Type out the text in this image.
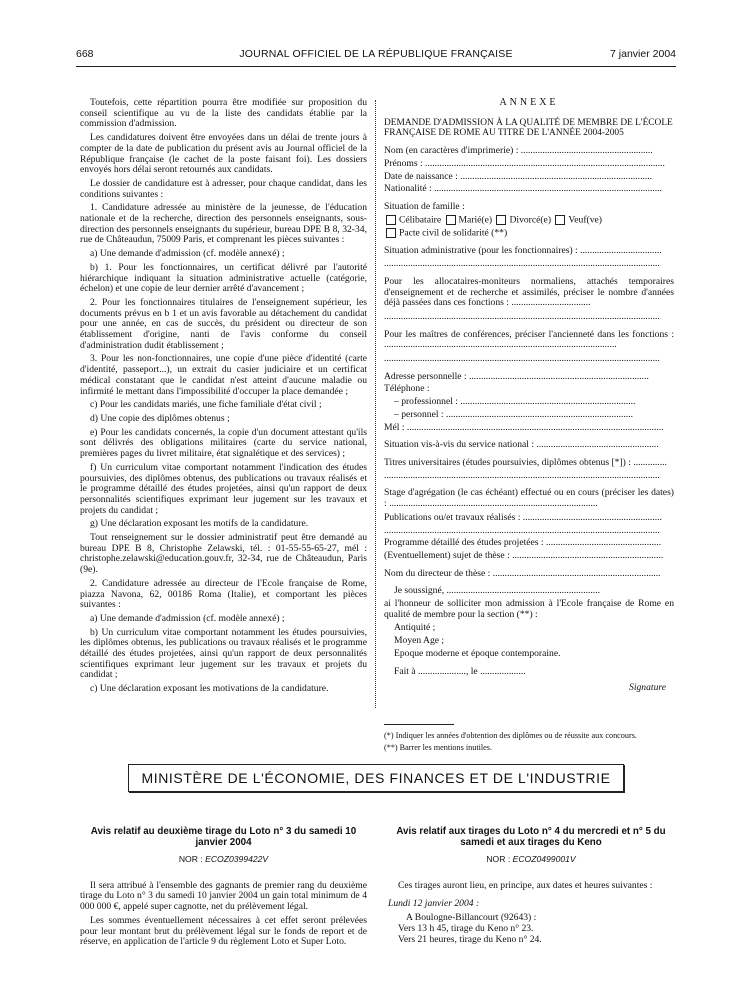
668	JOURNAL OFFICIEL DE LA RÉPUBLIQUE FRANÇAISE	7 janvier 2004

Toutefois, cette répartition pourra être modifiée sur proposition du conseil scientifique au vu de la liste des candidats établie par la commission d'admission.

Les candidatures doivent être envoyées dans un délai de trente jours à compter de la date de publication du présent avis au Journal officiel de la République française (le cachet de la poste faisant foi). Les dossiers envoyés hors délai seront retournés aux candidats.

Le dossier de candidature est à adresser, pour chaque candidat, dans les conditions suivantes :

1. Candidature adressée au ministère de la jeunesse, de l'éducation nationale et de la recherche, direction des personnels enseignants, sous-direction des personnels enseignants du supérieur, bureau DPE B 8, 32-34, rue de Châteaudun, 75009 Paris, et comprenant les pièces suivantes :

a) Une demande d'admission (cf. modèle annexé) ;

b) 1. Pour les fonctionnaires, un certificat délivré par l'autorité hiérarchique indiquant la situation administrative actuelle (catégorie, échelon) et une copie de leur dernier arrêté d'avancement ;

2. Pour les fonctionnaires titulaires de l'enseignement supérieur, les documents prévus en b 1 et un avis favorable au détachement du candidat pour une année, en cas de succès, du président ou directeur de son établissement d'origine, nanti de l'avis conforme du conseil d'administration dudit établissement ;

3. Pour les non-fonctionnaires, une copie d'une pièce d'identité (carte d'identité, passeport...), un extrait du casier judiciaire et un certificat médical constatant que le candidat n'est atteint d'aucune maladie ou infirmité le mettant dans l'impossibilité d'occuper la place demandée ;

c) Pour les candidats mariés, une fiche familiale d'état civil ;

d) Une copie des diplômes obtenus ;

e) Pour les candidats concernés, la copie d'un document attestant qu'ils sont délivrés des obligations militaires (carte du service national, premières pages du livret militaire, état signalétique et des services) ;

f) Un curriculum vitae comportant notamment l'indication des études poursuivies, des diplômes obtenus, des publications ou travaux réalisés et le programme détaillé des études projetées, ainsi qu'un rapport de deux personnalités scientifiques exprimant leur jugement sur les travaux et projets du candidat ;

g) Une déclaration exposant les motifs de la candidature.

Tout renseignement sur le dossier administratif peut être demandé au bureau DPE B 8, Christophe Zelawski, tél. : 01-55-55-65-27, mél : christophe.zelawski@education.gouv.fr, 32-34, rue de Châteaudun, Paris (9e).

2. Candidature adressée au directeur de l'Ecole française de Rome, piazza Navona, 62, 00186 Roma (Italie), et comportant les pièces suivantes :

a) Une demande d'admission (cf. modèle annexé) ;

b) Un curriculum vitae comportant notamment les études poursuivies, les diplômes obtenus, les publications ou travaux réalisés et le programme détaillé des études projetées, ainsi qu'un rapport de deux personnalités scientifiques exprimant leur jugement sur les travaux et projets du candidat ;

c) Une déclaration exposant les motivations de la candidature.

ANNEXE
DEMANDE D'ADMISSION À LA QUALITÉ DE MEMBRE DE L'ÉCOLE FRANÇAISE DE ROME AU TITRE DE L'ANNÉE 2004-2005
Nom (en caractères d'imprimerie) : .......................................................
Prénoms : ....................................................................................................
Date de naissance : ................................................................................
Nationalité : ...............................................................................................
Situation de famille :
Célibataire Marié(e) Divorcé(e) Veuf(ve)
Pacte civil de solidarité (**)
Situation administrative (pour les fonctionnaires) : ..................................
...................................................................................................................

Pour les allocataires-moniteurs normaliens, attachés temporaires d'enseignement et de recherche et assimilés, préciser le nombre d'années déjà passées dans ces fonctions : .................................

...................................................................................................................

Pour les maîtres de conférences, préciser l'ancienneté dans les fonctions : .................................................................................................

...................................................................................................................
Adresse personnelle : ...........................................................................
Téléphone :
– professionnel : .........................................................................
– personnel : ..............................................................................
Mél : ...........................................................................................................
Situation vis-à-vis du service national : ...................................................
Titres universitaires (études poursuivies, diplômes obtenus [*]) : ..............
...................................................................................................................

Stage d'agrégation (le cas échéant) effectué ou en cours (préciser les dates) : .......................................................................................

Publications ou/et travaux réalisés : ..........................................................
...................................................................................................................
Programme détaillé des études projetées : ................................................
(Eventuellement) sujet de thèse : ...............................................................
Nom du directeur de thèse : ......................................................................
Je soussigné, ................................................................

ai l'honneur de solliciter mon admission à l'Ecole française de Rome en qualité de membre pour la section (**) :

Antiquité ;
Moyen Age ;
Epoque moderne et époque contemporaine.
Fait à ...................., le ...................
Signature

(*) Indiquer les années d'obtention des diplômes ou de réussite aux concours.

(**) Barrer les mentions inutiles.

MINISTÈRE DE L'ÉCONOMIE, DES FINANCES ET DE L'INDUSTRIE
Avis relatif au deuxième tirage du Loto n° 3 du samedi 10 janvier 2004
NOR : ECOZ0399422V

Il sera attribué à l'ensemble des gagnants de premier rang du deuxième tirage du Loto n° 3 du samedi 10 janvier 2004 un gain total minimum de 4 000 000 €, appelé super cagnotte, net du prélèvement légal.

Les sommes éventuellement nécessaires à cet effet seront prélevées pour leur montant brut du prélèvement légal sur le fonds de report et de réserve, en application de l'article 9 du règlement Loto et Super Loto.

Avis relatif aux tirages du Loto n° 4 du mercredi et n° 5 du samedi et aux tirages du Keno
NOR : ECOZ0499001V

Ces tirages auront lieu, en principe, aux dates et heures suivantes :

Lundi 12 janvier 2004 :

A Boulogne-Billancourt (92643) :

Vers 13 h 45, tirage du Keno n° 23.

Vers 21 heures, tirage du Keno n° 24.
